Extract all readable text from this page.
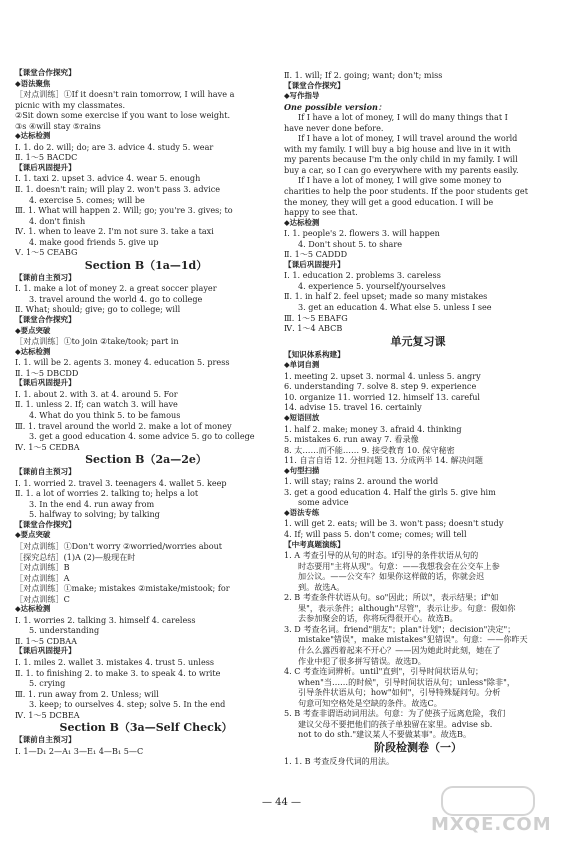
【课堂合作探究】
◆语法聚焦
［对点训练］①If it doesn't rain tomorrow, I will have a
picnic with my classmates.
②Sit down some exercise if you want to lose weight.
③s ④will stay ⑤rains
◆达标检测
Ⅰ. 1. do 2. will; do; are 3. advice 4. study 5. wear
Ⅱ. 1～5 BACDC
【课后巩固提升】
Ⅰ. 1. taxi 2. upset 3. advice 4. wear 5. enough
Ⅱ. 1. doesn't rain; will play 2. won't pass 3. advice
4. exercise 5. comes; will be
Ⅲ. 1. What will happen 2. Will; go; you're 3. gives; to
4. don't finish
Ⅳ. 1. when to leave 2. I'm not sure 3. take a taxi
4. make good friends 5. give up
Ⅴ. 1～5 CEABG
Section B（1a—1d）
【课前自主预习】
Ⅰ. 1. make a lot of money 2. a great soccer player
3. travel around the world 4. go to college
Ⅱ. What; should; give; go to college; will
【课堂合作探究】
◆要点突破
［对点训练］①to join ②take/took; part in
◆达标检测
Ⅰ. 1. will be 2. agents 3. money 4. education 5. press
Ⅱ. 1～5 DBCDD
【课后巩固提升】
Ⅰ. 1. about 2. with 3. at 4. around 5. For
Ⅱ. 1. unless 2. If; can watch 3. will have
4. What do you think 5. to be famous
Ⅲ. 1. travel around the world 2. make a lot of money
3. get a good education 4. some advice 5. go to college
Ⅳ. 1～5 CEDBA
Section B（2a—2e）
【课前自主预习】
Ⅰ. 1. worried 2. travel 3. teenagers 4. wallet 5. keep
Ⅱ. 1. a lot of worries 2. talking to; helps a lot
3. In the end 4. run away from
5. halfway to solving; by talking
【课堂合作探究】
◆要点突破
［对点训练］①Don't worry ②worried/worries about
［探究总结］(1)A (2)—般现在时
［对点训练］B
［对点训练］A
［对点训练］①make; mistakes ②mistake/mistook; for
［对点训练］C
◆达标检测
Ⅰ. 1. worries 2. talking 3. himself 4. careless
5. understanding
Ⅱ. 1～5 CDBAA
【课后巩固提升】
Ⅰ. 1. miles 2. wallet 3. mistakes 4. trust 5. unless
Ⅱ. 1. to finishing 2. to make 3. to speak 4. to write
5. crying
Ⅲ. 1. run away from 2. Unless; will
3. keep; to ourselves 4. step; solve 5. In the end
Ⅳ. 1～5 DCBEA
Section B（3a—Self Check）
【课前自主预习】
Ⅰ. 1—D₁ 2—A₁ 3—E₁ 4—B₁ 5—C
Ⅱ. 1. will; If 2. going; want; don't; miss
【课堂合作探究】
◆写作指导
One possible version：
If I have a lot of money, I will do many things that I
have never done before.
If I have a lot of money, I will travel around the world
with my family. I will buy a big house and live in it with
my parents because I'm the only child in my family. I will
buy a car, so I can go everywhere with my parents easily.
If I have a lot of money, I will give some money to
charities to help the poor students. If the poor students get
the money, they will get a good education. I will be
happy to see that.
◆达标检测
Ⅰ. 1. people's 2. flowers 3. will happen
4. Don't shout 5. to share
Ⅱ. 1～5 CADDD
【课后巩固提升】
Ⅰ. 1. education 2. problems 3. careless
4. experience 5. yourself/yourselves
Ⅱ. 1. in half 2. feel upset; made so many mistakes
3. get an education 4. What else 5. unless I see
Ⅲ. 1～5 EBAFG
Ⅳ. 1～4 ABCB
单元复习课
【知识体系构建】
◆单词自测
1. meeting 2. upset 3. normal 4. unless 5. angry
6. understanding 7. solve 8. step 9. experience
10. organize 11. worried 12. himself 13. careful
14. advise 15. travel 16. certainly
◆短语回放
1. half 2. make; money 3. afraid 4. thinking
5. mistakes 6. run away 7. 看录像
8. 太……而不能…… 9. 接受教育 10. 保守秘密
11. 自言自语 12. 分担问题 13. 分成两半 14. 解决问题
◆句型扫描
1. will stay; rains 2. around the world
3. get a good education 4. Half the girls 5. give him
some advice
◆语法专练
1. will get 2. eats; will be 3. won't pass; doesn't study
4. If; will pass 5. don't come; comes; will tell
【中考真题演练】
1. A 考查引导的从句的时态。if引导的条件状语从句的
时态要用"主将从现"。句意：——我想我会在公交车上参
加公议。——公交车？如果你这样做的话，你就会迟
到。故选A。
2. B 考查条件状语从句。so"因此；所以"，表示结果；if"如
果"，表示条件；although"尽管"，表示让步。句意：假如你
去参加聚会的话，你将玩得很开心。故选B。
3. D 考查名词。friend"朋友"；plan"计划"；decision"决定"；
mistake"错误"，make mistakes"犯错误"。句意：——你昨天
什么么露西着起来不开心？——因为她此时此刻，她在了
作业中犯了很多拼写错误。故选D。
4. C 考查连词辨析。until"直到"，引导时间状语从句；
when"当……的时候"，引导时间状语从句；unless"除非"，
引导条件状语从句；how"如何"，引导特殊疑问句。分析
句意可知空格处是空缺的条件。故选C。
5. B 考查非谓语动词用法。句意：为了使孩子远离危险，我们
建议父母不要把他们的孩子单独留在家里。advise sb.
not to do sth."建议某人不要做某事"。故选B。
阶段检测卷（一）
1. 1. B 考查反身代词的用法。
— 44 —
MXQE.COM
